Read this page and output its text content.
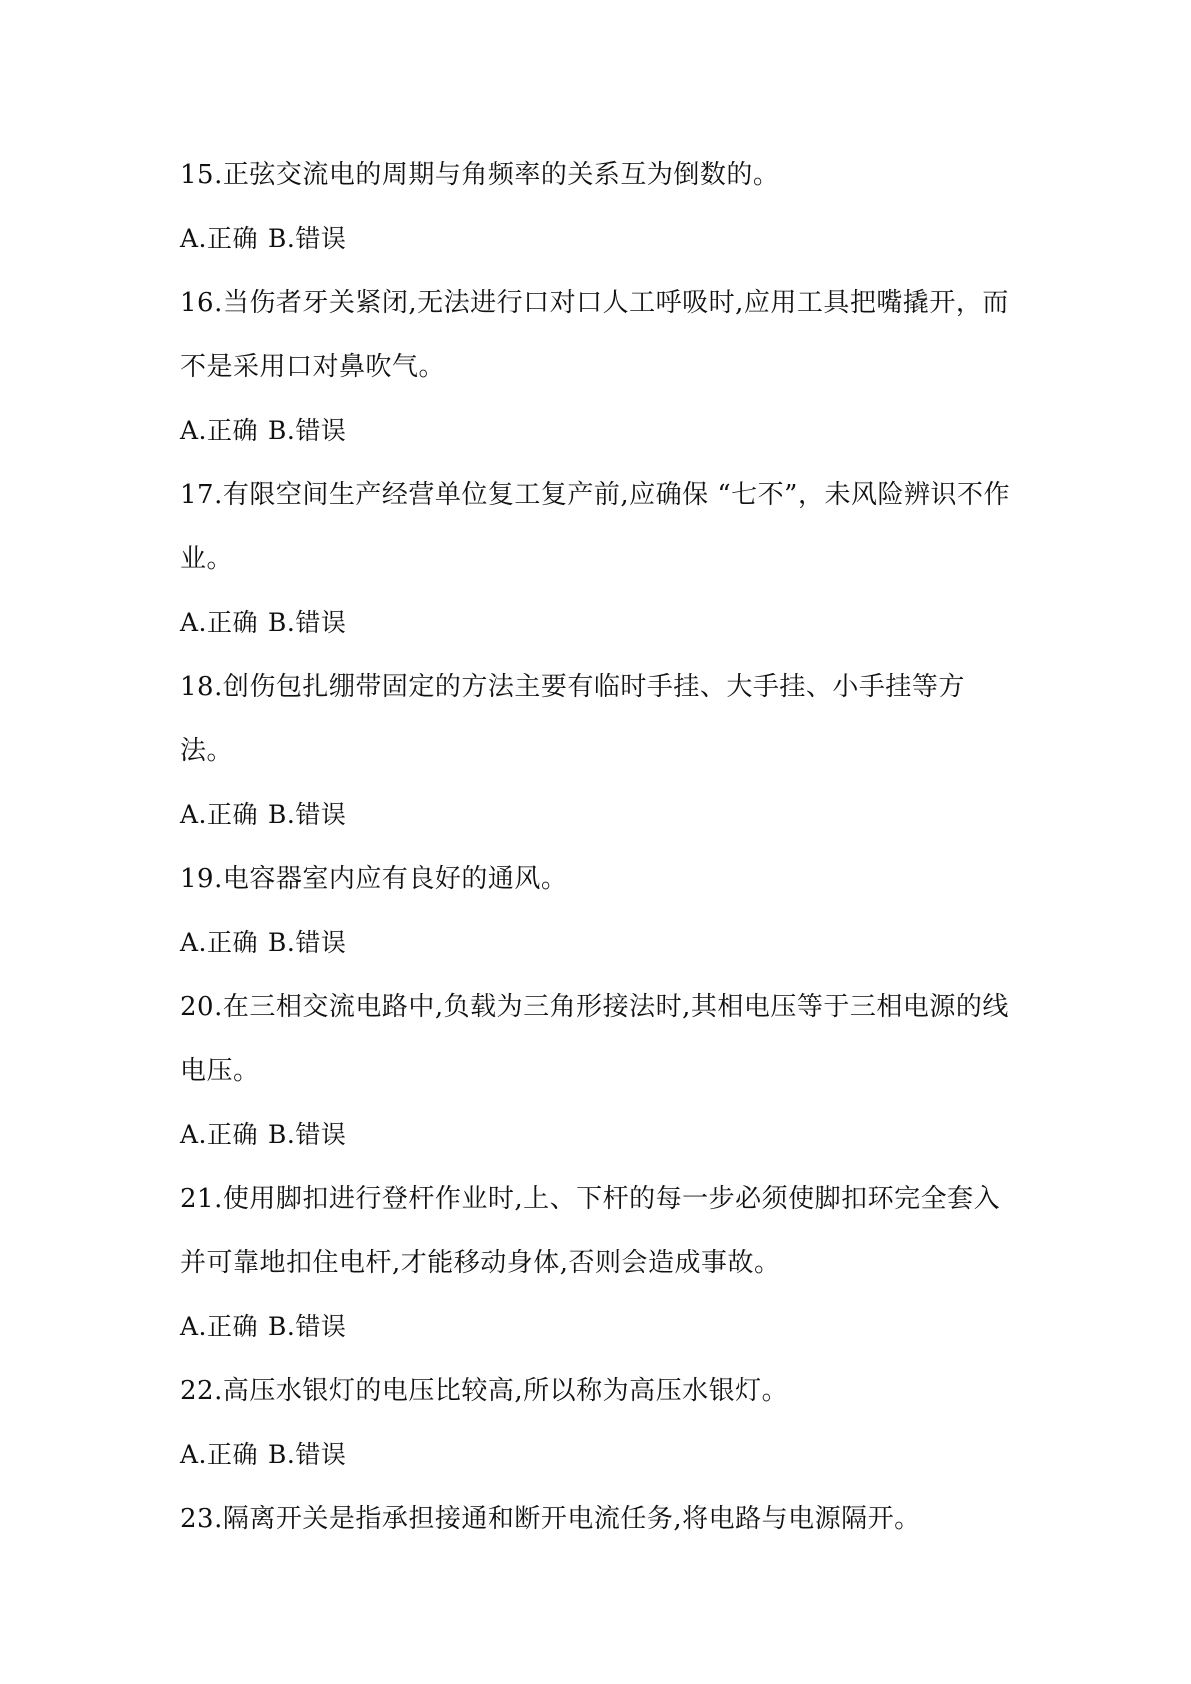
15.正弦交流电的周期与角频率的关系互为倒数的。

A.正确 B.错误

16.当伤者牙关紧闭,无法进行口对口人工呼吸时,应用工具把嘴撬开，而

不是采用口对鼻吹气。

A.正确 B.错误

17.有限空间生产经营单位复工复产前,应确保 “七不”，未风险辨识不作

业。

A.正确 B.错误

18.创伤包扎绷带固定的方法主要有临时手挂、大手挂、小手挂等方

法。

A.正确 B.错误

19.电容器室内应有良好的通风。

A.正确 B.错误

20.在三相交流电路中,负载为三角形接法时,其相电压等于三相电源的线

电压。

A.正确 B.错误

21.使用脚扣进行登杆作业时,上、下杆的每一步必须使脚扣环完全套入

并可靠地扣住电杆,才能移动身体,否则会造成事故。

A.正确 B.错误

22.高压水银灯的电压比较高,所以称为高压水银灯。

A.正确 B.错误

23.隔离开关是指承担接通和断开电流任务,将电路与电源隔开。
